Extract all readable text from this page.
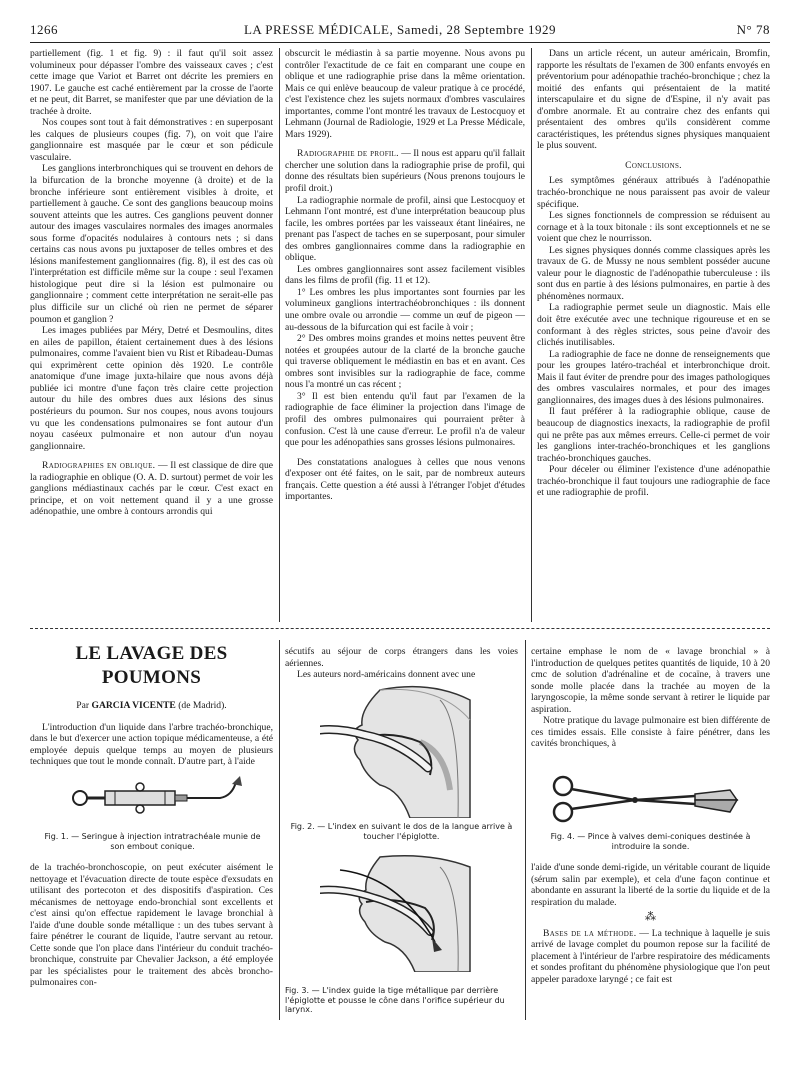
1266	LA PRESSE MÉDICALE, Samedi, 28 Septembre 1929	N° 78

partiellement (fig. 1 et fig. 9) : il faut qu'il soit assez volumineux pour dépasser l'ombre des vaisseaux caves ; c'est cette image que Variot et Barret ont décrite les premiers en 1907. Le gauche est caché entièrement par la crosse de l'aorte et ne peut, dit Barret, se manifester que par une déviation de la trachée à droite.

Nos coupes sont tout à fait démonstratives : en superposant les calques de plusieurs coupes (fig. 7), on voit que l'aire ganglionnaire est masquée par le cœur et son pédicule vasculaire.

Les ganglions interbronchiques qui se trouvent en dehors de la bifurcation de la bronche moyenne (à droite) et de la bronche inférieure sont entièrement visibles à droite, et partiellement à gauche. Ce sont des ganglions beaucoup moins souvent atteints que les autres. Ces ganglions peuvent donner autour des images vasculaires normales des images anormales sous forme d'opacités nodulaires à contours nets ; si dans certains cas nous avons pu juxtaposer de telles ombres et des lésions manifestement ganglionnaires (fig. 8), il est des cas où l'interprétation est difficile même sur la coupe : seul l'examen histologique peut dire si la lésion est pulmonaire ou ganglionnaire ; comment cette interprétation ne serait-elle pas plus difficile sur un cliché où rien ne permet de séparer poumon et ganglion ?

Les images publiées par Méry, Detré et Desmoulins, dites en ailes de papillon, étaient certainement dues à des lésions pulmonaires, comme l'avaient bien vu Rist et Ribadeau-Dumas qui exprimèrent cette opinion dès 1920. Le contrôle anatomique d'une image juxta-hilaire que nous avons déjà publiée ici montre d'une façon très claire cette projection autour du hile des ombres dues aux lésions des sinus postérieurs du poumon. Sur nos coupes, nous avons toujours vu que les condensations pulmonaires se font autour d'un noyau caséeux pulmonaire et non autour d'un noyau ganglionnaire.

Radiographies en oblique. — Il est classique de dire que la radiographie en oblique (O. A. D. surtout) permet de voir les ganglions médiastinaux cachés par le cœur. C'est exact en principe, et on voit nettement quand il y a une grosse adénopathie, une ombre à contours arrondis qui

obscurcit le médiastin à sa partie moyenne. Nous avons pu contrôler l'exactitude de ce fait en comparant une coupe en oblique et une radiographie prise dans la même orientation. Mais ce qui enlève beaucoup de valeur pratique à ce procédé, c'est l'existence chez les sujets normaux d'ombres vasculaires importantes, comme l'ont montré les travaux de Lestocquoy et Lehmann (Journal de Radiologie, 1929 et La Presse Médicale, Mars 1929).

Radiographie de profil. — Il nous est apparu qu'il fallait chercher une solution dans la radiographie prise de profil, qui donne des résultats bien supérieurs (Nous prenons toujours le profil droit.)

La radiographie normale de profil, ainsi que Lestocquoy et Lehmann l'ont montré, est d'une interprétation beaucoup plus facile, les ombres portées par les vaisseaux étant linéaires, ne prenant pas l'aspect de taches en se superposant, pour simuler des ombres ganglionnaires comme dans la radiographie en oblique.

Les ombres ganglionnaires sont assez facilement visibles dans les films de profil (fig. 11 et 12).

1° Les ombres les plus importantes sont fournies par les volumineux ganglions intertrachéobronchiques : ils donnent une ombre ovale ou arrondie — comme un œuf de pigeon — au-dessous de la bifurcation qui est facile à voir ;

2° Des ombres moins grandes et moins nettes peuvent être notées et groupées autour de la clarté de la bronche gauche qui traverse obliquement le médiastin en bas et en avant. Ces ombres sont invisibles sur la radiographie de face, comme nous l'a montré un cas récent ;

3° Il est bien entendu qu'il faut par l'examen de la radiographie de face éliminer la projection dans l'image de profil des ombres pulmonaires qui pourraient prêter à confusion. C'est là une cause d'erreur. Le profil n'a de valeur que pour les adénopathies sans grosses lésions pulmonaires.

Des constatations analogues à celles que nous venons d'exposer ont été faites, on le sait, par de nombreux auteurs français. Cette question a été aussi à l'étranger l'objet d'études importantes.

Dans un article récent, un auteur américain, Bromfin, rapporte les résultats de l'examen de 300 enfants envoyés en préventorium pour adénopathie trachéo-bronchique ; chez la moitié des enfants qui présentaient de la matité interscapulaire et du signe de d'Espine, il n'y avait pas d'ombre anormale. Et au contraire chez des enfants qui présentaient des ombres qu'ils considèrent comme caractéristiques, les prétendus signes physiques manquaient le plus souvent.

Conclusions.

Les symptômes généraux attribués à l'adénopathie trachéo-bronchique ne nous paraissent pas avoir de valeur spécifique.

Les signes fonctionnels de compression se réduisent au cornage et à la toux bitonale : ils sont exceptionnels et ne se voient que chez le nourrisson.

Les signes physiques donnés comme classiques après les travaux de G. de Mussy ne nous semblent posséder aucune valeur pour le diagnostic de l'adénopathie tuberculeuse : ils sont dus en partie à des lésions pulmonaires, en partie à des phénomènes normaux.

La radiographie permet seule un diagnostic. Mais elle doit être exécutée avec une technique rigoureuse et en se conformant à des règles strictes, sous peine d'avoir des clichés inutilisables.

La radiographie de face ne donne de renseignements que pour les groupes latéro-trachéal et interbronchique droit. Mais il faut éviter de prendre pour des images pathologiques des ombres vasculaires normales, et pour des images ganglionnaires, des images dues à des lésions pulmonaires.

Il faut préférer à la radiographie oblique, cause de beaucoup de diagnostics inexacts, la radiographie de profil qui ne prête pas aux mêmes erreurs. Celle-ci permet de voir les ganglions inter-trachéo-bronchiques et les ganglions trachéo-bronchiques gauches.

Pour déceler ou éliminer l'existence d'une adénopathie trachéo-bronchique il faut toujours une radiographie de face et une radiographie de profil.

LE LAVAGE DES POUMONS
Par GARCIA VICENTE (de Madrid).

L'introduction d'un liquide dans l'arbre trachéo-bronchique, dans le but d'exercer une action topique médicamenteuse, a été employée depuis quelque temps au moyen de plusieurs techniques que tout le monde connaît. D'autre part, à l'aide

Fig. 1. — Seringue à injection intratrachéale munie de son embout conique.

de la trachéo-bronchoscopie, on peut exécuter aisément le nettoyage et l'évacuation directe de toute espèce d'exsudats en utilisant des portecoton et des dispositifs d'aspiration. Ces mécanismes de nettoyage endo-bronchial sont excellents et c'est ainsi qu'on effectue rapidement le lavage bronchial à l'aide d'une double sonde métallique : un des tubes servant à faire pénétrer le courant de liquide, l'autre servant au retour. Cette sonde que l'on place dans l'intérieur du conduit trachéo-bronchique, construite par Chevalier Jackson, a été employée par les spécialistes pour le traitement des abcès broncho-pulmonaires con-

sécutifs au séjour de corps étrangers dans les voies aériennes.

Les auteurs nord-américains donnent avec une

Fig. 2. — L'index en suivant le dos de la langue arrive à toucher l'épiglotte.
Fig. 3. — L'index guide la tige métallique par derrière l'épiglotte et pousse le cône dans l'orifice supérieur du larynx.

certaine emphase le nom de « lavage bronchial » à l'introduction de quelques petites quantités de liquide, 10 à 20 cmc de solution d'adrénaline et de cocaïne, à travers une sonde molle placée dans la trachée au moyen de la laryngoscopie, la même sonde servant à retirer le liquide par aspiration.

Notre pratique du lavage pulmonaire est bien différente de ces timides essais. Elle consiste à faire pénétrer, dans les cavités bronchiques, à

Fig. 4. — Pince à valves demi-coniques destinée à introduire la sonde.

l'aide d'une sonde demi-rigide, un véritable courant de liquide (sérum salin par exemple), et cela d'une façon continue et abondante en assurant la liberté de la sortie du liquide et de la respiration du malade.

⁂

Bases de la méthode. — La technique à laquelle je suis arrivé de lavage complet du poumon repose sur la facilité de placement à l'intérieur de l'arbre respiratoire des médicaments et sondes profitant du phénomène physiologique que l'on peut appeler paradoxe laryngé ; ce fait est
